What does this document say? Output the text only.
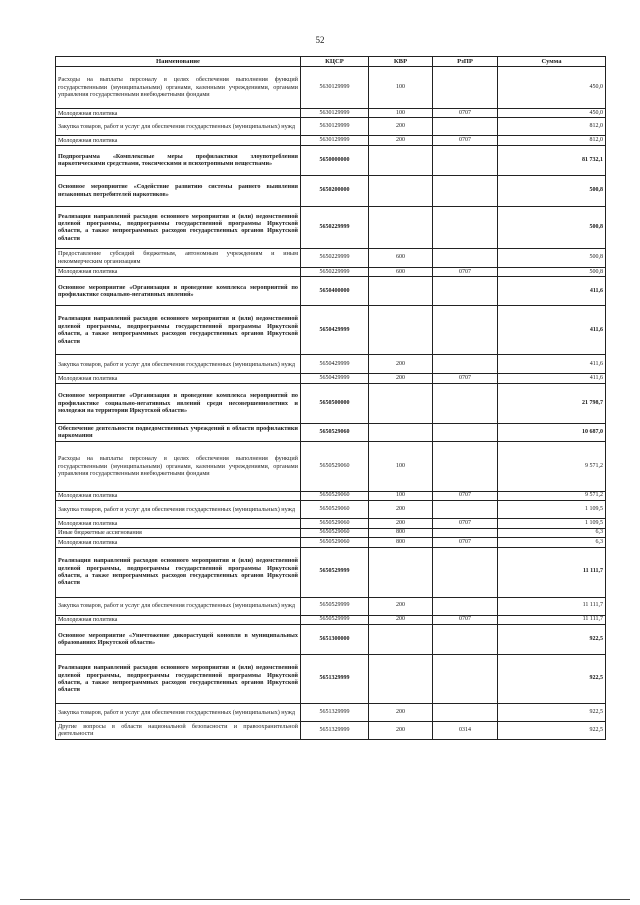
52
Наименование	КЦСР	КВР	РзПР	Сумма
Расходы на выплаты персоналу в целях обеспечения выполнения функций государственными (муниципальными) органами, казенными учреждениями, органами управления государственными внебюджетными фондами	5630129999	100		450,0
Молодежная политика	5630129999	100	0707	450,0
Закупка товаров, работ и услуг для обеспечения государственных (муниципальных) нужд	5630129999	200		812,0
Молодежная политика	5630129999	200	0707	812,0
Подпрограмма «Комплексные меры профилактики злоупотребления наркотическими средствами, токсическими и психотропными веществами»	5650000000			81 732,1
Основное мероприятие «Содействие развитию системы раннего выявления незаконных потребителей наркотиков»	5650200000			500,8
Реализация направлений расходов основного мероприятия и (или) ведомственной целевой программы, подпрограммы государственной программы Иркутской области, а также непрограммных расходов государственных органов Иркутской области	5650229999			500,8
Предоставление субсидий бюджетным, автономным учреждениям и иным некоммерческим организациям	5650229999	600		500,8
Молодежная политика	5650229999	600	0707	500,8
Основное мероприятие «Организация и проведение комплекса мероприятий по профилактике социально-негативных явлений»	5650400000			411,6
Реализация направлений расходов основного мероприятия и (или) ведомственной целевой программы, подпрограммы государственной программы Иркутской области, а также непрограммных расходов государственных органов Иркутской области	5650429999			411,6
Закупка товаров, работ и услуг для обеспечения государственных (муниципальных) нужд	5650429999	200		411,6
Молодежная политика	5650429999	200	0707	411,6
Основное мероприятие «Организация и проведение комплекса мероприятий по профилактике социально-негативных явлений среди несовершеннолетних и молодежи на территории Иркутской области»	5650500000			21 798,7
Обеспечение деятельности подведомственных учреждений в области профилактики наркомании	5650529060			10 687,0
Расходы на выплаты персоналу в целях обеспечения выполнения функций государственными (муниципальными) органами, казенными учреждениями, органами управления государственными внебюджетными фондами	5650529060	100		9 571,2
Молодежная политика	5650529060	100	0707	9 571,2
Закупка товаров, работ и услуг для обеспечения государственных (муниципальных) нужд	5650529060	200		1 109,5
Молодежная политика	5650529060	200	0707	1 109,5
Иные бюджетные ассигнования	5650529060	800		6,3
Молодежная политика	5650529060	800	0707	6,3
Реализация направлений расходов основного мероприятия и (или) ведомственной целевой программы, подпрограммы государственной программы Иркутской области, а также непрограммных расходов государственных органов Иркутской области	5650529999			11 111,7
Закупка товаров, работ и услуг для обеспечения государственных (муниципальных) нужд	5650529999	200		11 111,7
Молодежная политика	5650529999	200	0707	11 111,7
Основное мероприятие «Уничтожение дикорастущей конопли в муниципальных образованиях Иркутской области»	5651300000			922,5
Реализация направлений расходов основного мероприятия и (или) ведомственной целевой программы, подпрограммы государственной программы Иркутской области, а также непрограммных расходов государственных органов Иркутской области	5651329999			922,5
Закупка товаров, работ и услуг для обеспечения государственных (муниципальных) нужд	5651329999	200		922,5
Другие вопросы в области национальной безопасности и правоохранительной деятельности	5651329999	200	0314	922,5
